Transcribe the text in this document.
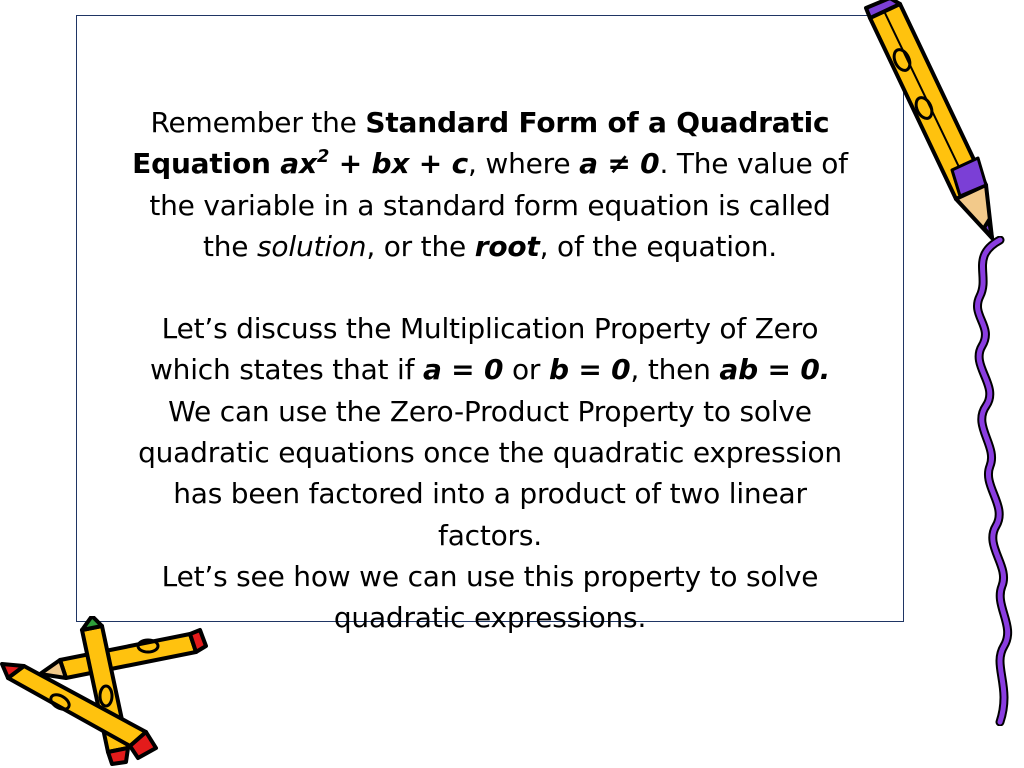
Remember the Standard Form of a Quadratic
Equation $ax^2$ + bx + c, where a ≠ 0. The value of
the variable in a standard form equation is called
the solution, or the root, of the equation.
Let’s discuss the Multiplication Property of Zero
which states that if a = 0 or b = 0, then ab = 0.
We can use the Zero-Product Property to solve
quadratic equations once the quadratic expression
has been factored into a product of two linear
factors.
Let’s see how we can use this property to solve
quadratic expressions.
